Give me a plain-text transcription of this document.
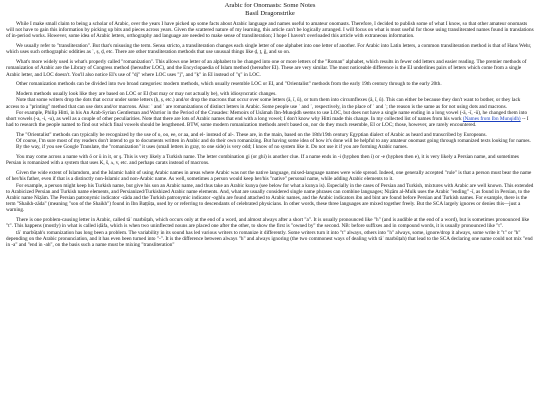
Arabic for Onomasts: Some Notes
Basil Dragonstrike

While I make small claim to being a scholar of Arabic, over the years I have picked up some facts about Arabic language and names useful to amateur onomasts. Therefore, I decided to publish some of what I know, so that other amateur onomasts will not have to gain this information by picking up bits and pieces across years. Given the scattered nature of my learning, this article can't be logically arranged. I will focus on what is most useful for those using transliterated names found in translations of in-period works. However, some idea of Arabic letters, orthography and language are needed to make sense of transliteration; I hope I haven't overloaded this article with extraneous information.

We usually refer to "transliteration". But that's misusing the term. Sensu stricto, a transliteration changes each single letter of one alphabet into one letter of another. For Arabic into Latin letters, a common transliteration method is that of Hans Wehr, which uses such orthographic oddities as ʿ, ṣ, ḍ, etc. There are other transliteration methods that use unusual things like ḏ, ṯ, ḡ, and so on.

What's more widely used is what's properly called "romanization". This allows one letter of an alphabet to be changed into one or more letters of the "Roman" alphabet, which results in fewer odd letters and easier reading. The premier methods of romanization of Arabic are the Library of Congress method (hereafter LOC), and the Encyclopaedia of Islam method (hereafter EI). These are very similar. The most noticeable difference is the EI underlines pairs of letters which come from a single Arabic letter, and LOC doesn't. You'll also notice EI's use of "dj" where LOC uses "j", and "ḳ" in EI instead of "q" in LOC.

Other romanization methods can be divided into two broad categories: modern methods, which usually resemble LOC or EI, and "Orientalist" methods from the early 19th century through to the early 20th.

Modern methods usually look like they are based on LOC or EI (but may or may not actually be), with idiosyncratic changes.

Note that some writers drop the dots that occur under some letters (ḥ, ṣ, etc.) and/or drop the macrons that occur over some letters (ā, ī, ū), or turn them into circumflexes (â, î, û). This can either be because they don't want to bother, or they lack access to a "printing" method that can use dots and/or macrons. Also: ʿ and ʾ are romanizations of distinct letters in Arabic. Some people use ʿ and ʾ, respectively, in the place of ʿ and ʾ; the reason is the same as for not using dots and macrons.

For example, Philip Hitti, in his An Arab-Syrian Gentleman and Warrior in the Period of the Crusades: Memoirs of Usāmah Ibn-Munqidh seems to use LOC, but does not have a single name ending in a long vowel (-ā, -ī, -ū), he changed them into short vowels (-a, -i, -u), as well as a couple of other peculiarities. Note that there are lots of Arabic names that end with a long vowel; I don't know why Hitti made this change. In my collected list of names from his work (Names from Ibn Munqidh) -- I had to research the people named to find out which final vowels should be lengthened. BTW, some modern romanization methods aren't based on, nor do they much resemble, EI or LOC; those, however, are rarely encountered.

The "Orientalist" methods can typically be recognized by the use of o, oo, ee, or aa, and el- instead of al-. These are, in the main, based on the 18th/19th century Egyptian dialect of Arabic as heard and transcribed by Europeans.

Of course, I'm sure most of my readers don't intend to go to documents written in Arabic and do their own romanizing. But having some idea of how it's done will be helpful to any amateur onomast going through romanized texts looking for names.

By the way, if you see Google Translate, the "romanization" it uses (small letters in gray, to one side) is very odd; I know of no system like it. Do not use it if you are forming Arabic names.

You may come across a name with ö or ü in it, or ş. This is very likely a Turkish name. The letter combination gi (or ghi) is another clue. If a name ends in -i (hyphen then i) or -e (hyphen then e), it is very likely a Persian name, and sometimes Persian is romanized with a system that uses K, š, ʌ, v, etc. and perhaps carats instead of macrons.

Given the wide extent of Islamdom, and the Islamic habit of using Arabic names in areas where Arabic was not the native language, mixed-language names were wide spread. Indeed, one generally accepted "rule" is that a person must bear the name of her/his father, even if that is a distinctly non-Islamic and non-Arabic name. As well, sometimes a person would keep her/his "native" personal name, while adding Arabic elements to it.

For example, a person might keep his Turkish name, but give his son an Arabic name, and thus take an Arabic kunya (see below for what a kunya is). Especially in the cases of Persian and Turkish, mixtures with Arabic are well known. This extended to Arabicized Persian and Turkish name elements, and Persianized/Turkishized Arabic name elements. And, what are usually considered single name phrases can combine languages; Niẓām al-Mulk uses the Arabic "ending" -ī, as found in Persian, to the Arabic name Niẓām. The Persian patronymic indicator -zāda and the Turkish patronymic indicator -oghlu are found attached to Arabic names, and the Arabic indicators ibn and bint are found before Persian and Turkish names. For example, there is the term "Shaikh-zāda" (meaning "son of the Shaikh") found in Ibn Baṭṭūṭa, used by or referring to descendants of celebrated physicians. In other words, these three languages are mixed together freely. But the SCA largely ignores or denies this—just a warning.

There is one problem-causing letter in Arabic, called tāʾ marbūṭah, which occurs only at the end of a word, and almost always after a short "a". It is usually pronounced like "h" (and is audible at the end of a word), but is sometimes pronounced like "t". This happens (mostly) in what is called iḍāfa, which is when two uninflected nouns are placed one after the other, to show the first is "owned by" the second. NB: before suffixes and in compound words, it is usually pronounced like "t".

tāʾ marbūṭah's romanization has long been a problem. The variability in its sound has led various writers to romanize it differently. Some writers turn it into "t" always, others into "h" always, some, ignore/drop it always, some write it "t" or "h" depending on the Arabic pronunciation, and it has even been turned into "-". It is the difference between always "h" and always ignoring (the two commonest ways of dealing with tāʾ marbūṭah) that lead to the SCA declaring one name could not mix "end in -a" and "end in -ah", on the basis such a name must be mixing "transliteration"
